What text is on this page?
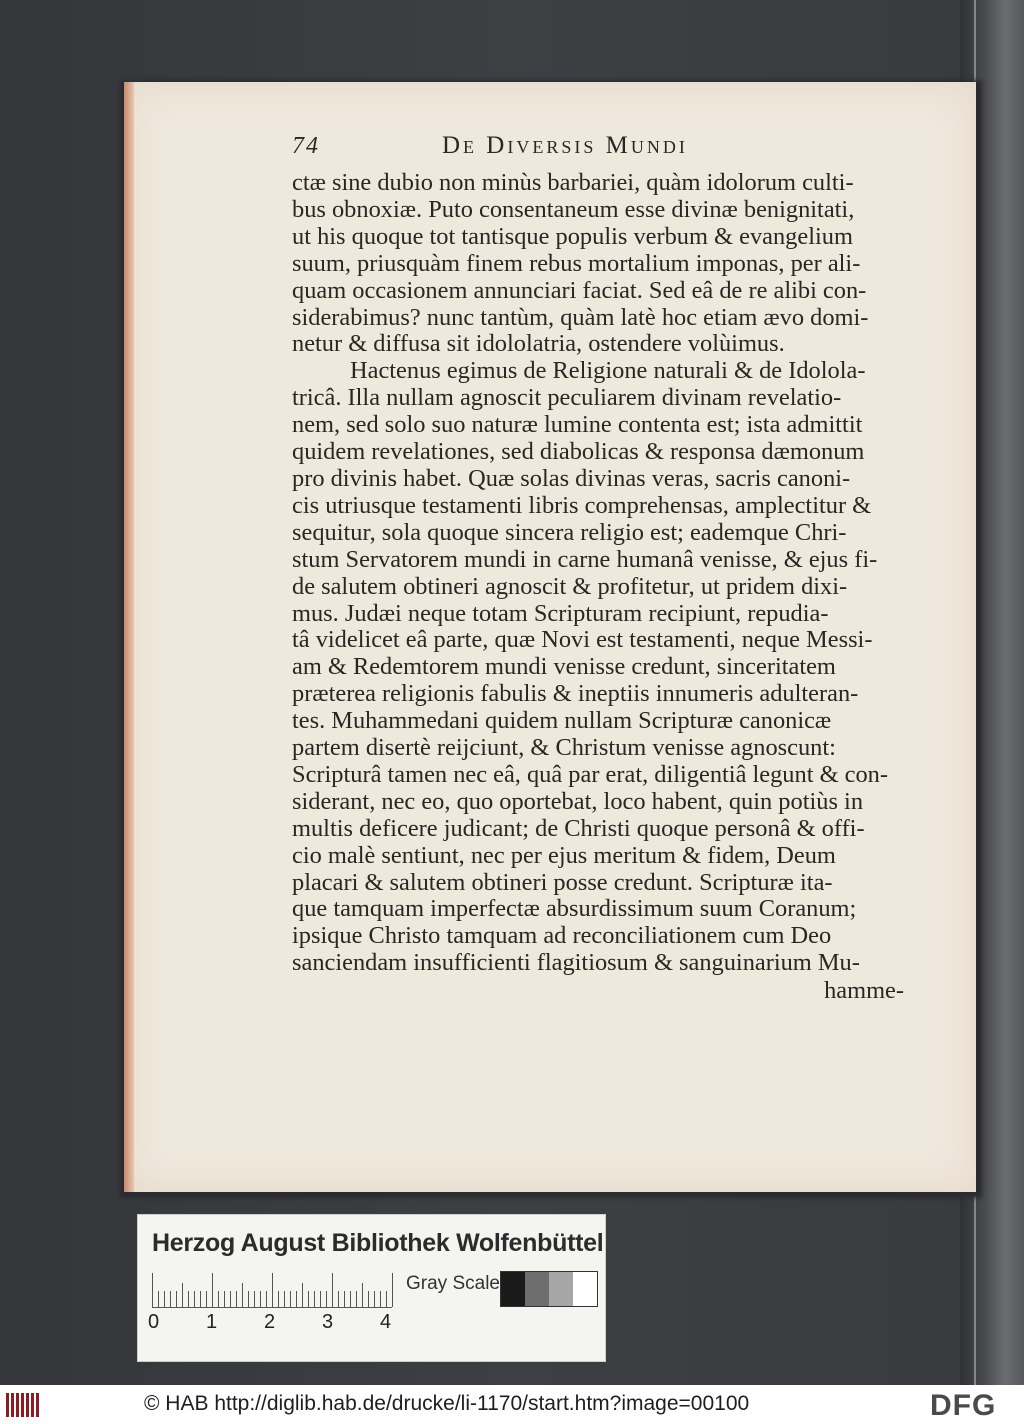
74	De Diversis Mundi
ctæ sine dubio non minùs barbariei, quàm idolorum culti-
bus obnoxiæ. Puto consentaneum esse divinæ benignitati,
ut his quoque tot tantisque populis verbum & evangelium
suum, priusquàm finem rebus mortalium imponas, per ali-
quam occasionem annunciari faciat. Sed eâ de re alibi con-
siderabimus? nunc tantùm, quàm latè hoc etiam ævo domi-
netur & diffusa sit idololatria, ostendere volùimus.
Hactenus egimus de Religione naturali & de Idolola-
tricâ. Illa nullam agnoscit peculiarem divinam revelatio-
nem, sed solo suo naturæ lumine contenta est; ista admittit
quidem revelationes, sed diabolicas & responsa dæmonum
pro divinis habet. Quæ solas divinas veras, sacris canoni-
cis utriusque testamenti libris comprehensas, amplectitur &
sequitur, sola quoque sincera religio est; eademque Chri-
stum Servatorem mundi in carne humanâ venisse, & ejus fi-
de salutem obtineri agnoscit & profitetur, ut pridem dixi-
mus. Judæi neque totam Scripturam recipiunt, repudia-
tâ videlicet eâ parte, quæ Novi est testamenti, neque Messi-
am & Redemtorem mundi venisse credunt, sinceritatem
præterea religionis fabulis & ineptiis innumeris adulteran-
tes. Muhammedani quidem nullam Scripturæ canonicæ
partem disertè reijciunt, & Christum venisse agnoscunt:
Scripturâ tamen nec eâ, quâ par erat, diligentiâ legunt & con-
siderant, nec eo, quo oportebat, loco habent, quin potiùs in
multis deficere judicant; de Christi quoque personâ & offi-
cio malè sentiunt, nec per ejus meritum & fidem, Deum
placari & salutem obtineri posse credunt. Scripturæ ita-
que tamquam imperfectæ absurdissimum suum Coranum;
ipsique Christo tamquam ad reconciliationem cum Deo
sanciendam insufficienti flagitiosum & sanguinarium Mu-
hamme-
Herzog August Bibliothek Wolfenbüttel
0 1 2 3 4
Gray Scale
© HAB http://diglib.hab.de/drucke/li-1170/start.htm?image=00100	DFG
